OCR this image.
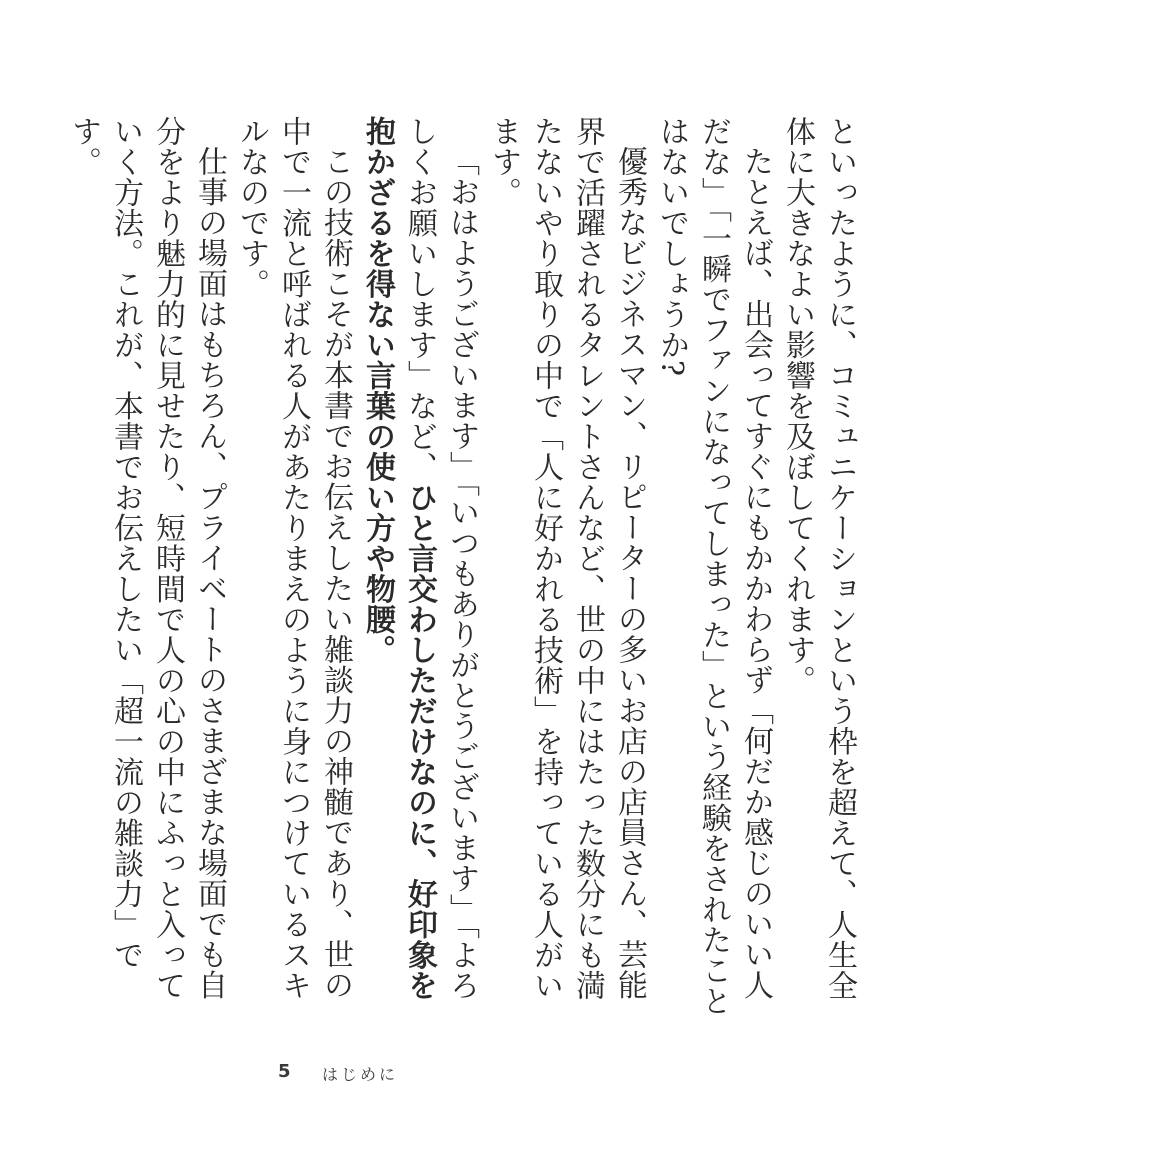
といったように、コミュニケーションという枠を超えて、人生全体に大きなよい影響を及ぼしてくれます。

たとえば、出会ってすぐにもかかわらず「何だか感じのいい人だな」「一瞬でファンになってしまった」という経験をされたことはないでしょうか?

優秀なビジネスマン、リピーターの多いお店の店員さん、芸能界で活躍されるタレントさんなど、世の中にはたった数分にも満たないやり取りの中で「人に好かれる技術」を持っている人がいます。

「おはようございます」「いつもありがとうございます」「よろしくお願いします」など、ひと言交わしただけなのに、好印象を抱かざるを得ない言葉の使い方や物腰。

この技術こそが本書でお伝えしたい雑談力の神髄であり、世の中で一流と呼ばれる人があたりまえのように身につけているスキルなのです。

仕事の場面はもちろん、プライベートのさまざまな場面でも自分をより魅力的に見せたり、短時間で人の心の中にふっと入っていく方法。これが、本書でお伝えしたい「超一流の雑談力」です。

5 はじめに
